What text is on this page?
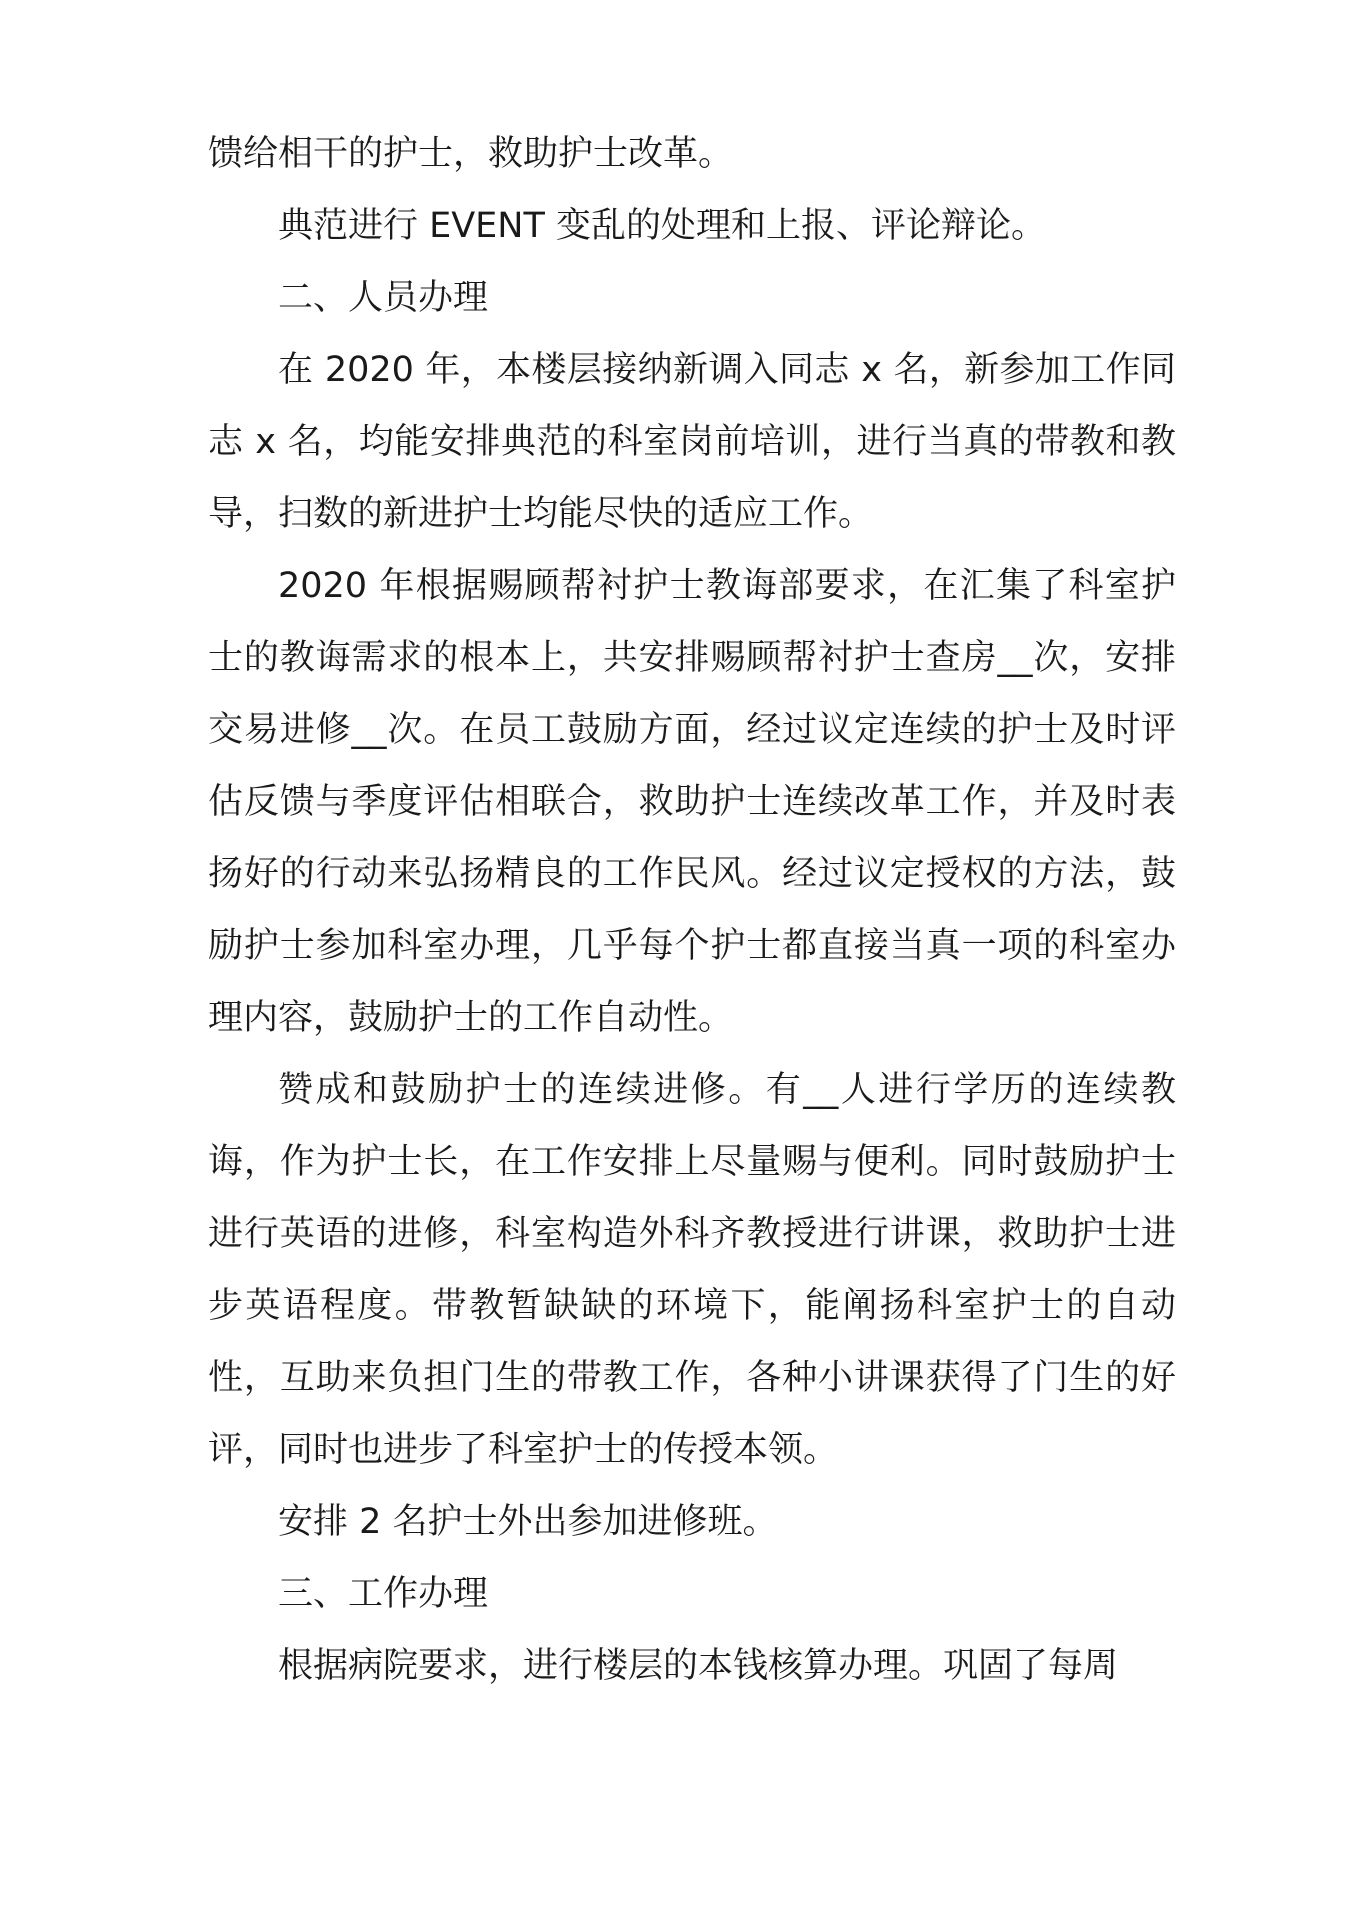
馈给相干的护士，救助护士改革。

典范进行 EVENT 变乱的处理和上报、评论辩论。

二、人员办理

在 2020 年，本楼层接纳新调入同志 x 名，新参加工作同志 x 名，均能安排典范的科室岗前培训，进行当真的带教和教导，扫数的新进护士均能尽快的适应工作。

2020 年根据赐顾帮衬护士教诲部要求，在汇集了科室护士的教诲需求的根本上，共安排赐顾帮衬护士查房__次，安排交易进修__次。在员工鼓励方面，经过议定连续的护士及时评估反馈与季度评估相联合，救助护士连续改革工作，并及时表扬好的行动来弘扬精良的工作民风。经过议定授权的方法，鼓励护士参加科室办理，几乎每个护士都直接当真一项的科室办理内容，鼓励护士的工作自动性。

赞成和鼓励护士的连续进修。有__人进行学历的连续教诲，作为护士长，在工作安排上尽量赐与便利。同时鼓励护士进行英语的进修，科室构造外科齐教授进行讲课，救助护士进步英语程度。带教暂缺缺的环境下，能阐扬科室护士的自动性，互助来负担门生的带教工作，各种小讲课获得了门生的好评，同时也进步了科室护士的传授本领。

安排 2 名护士外出参加进修班。

三、工作办理

根据病院要求，进行楼层的本钱核算办理。巩固了每周
